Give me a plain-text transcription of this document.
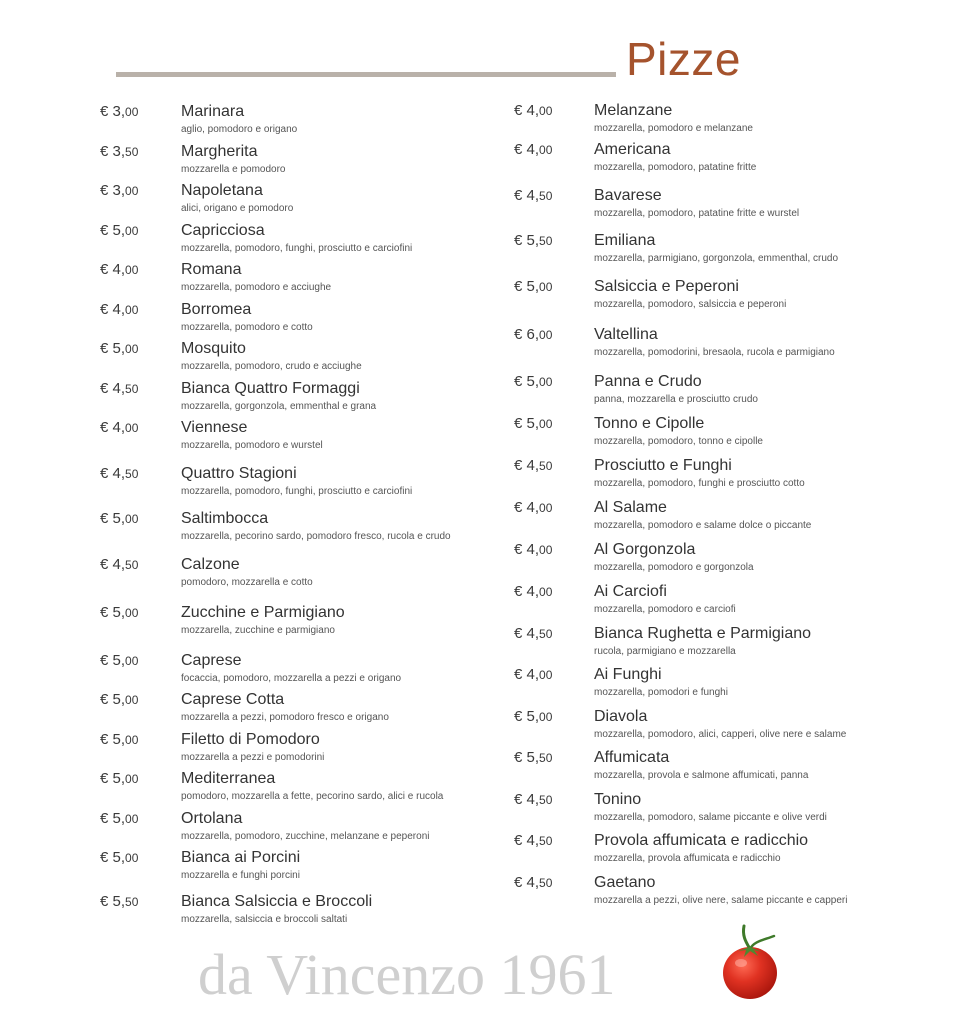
Pizze
€ 3,00	Marinara
aglio, pomodoro e origano
€ 3,50	Margherita
mozzarella e pomodoro
€ 3,00	Napoletana
alici, origano e pomodoro
€ 5,00	Capricciosa
mozzarella, pomodoro, funghi, prosciutto e carciofini
€ 4,00	Romana
mozzarella, pomodoro e acciughe
€ 4,00	Borromea
mozzarella, pomodoro e cotto
€ 5,00	Mosquito
mozzarella, pomodoro, crudo e acciughe
€ 4,50	Bianca Quattro Formaggi
mozzarella, gorgonzola, emmenthal e grana
€ 4,00	Viennese
mozzarella, pomodoro e wurstel
€ 4,50	Quattro Stagioni
mozzarella, pomodoro, funghi, prosciutto e carciofini
€ 5,00	Saltimbocca
mozzarella, pecorino sardo, pomodoro fresco, rucola e crudo
€ 4,50	Calzone
pomodoro, mozzarella e cotto
€ 5,00	Zucchine e Parmigiano
mozzarella, zucchine e parmigiano
€ 5,00	Caprese
focaccia, pomodoro, mozzarella a pezzi e origano
€ 5,00	Caprese Cotta
mozzarella a pezzi, pomodoro fresco e origano
€ 5,00	Filetto di Pomodoro
mozzarella a pezzi e pomodorini
€ 5,00	Mediterranea
pomodoro, mozzarella a fette, pecorino sardo, alici e rucola
€ 5,00	Ortolana
mozzarella, pomodoro, zucchine, melanzane e peperoni
€ 5,00	Bianca ai Porcini
mozzarella e funghi porcini
€ 5,50	Bianca Salsiccia e Broccoli
mozzarella, salsiccia e broccoli saltati
€ 4,00	Melanzane
mozzarella, pomodoro e melanzane
€ 4,00	Americana
mozzarella, pomodoro, patatine fritte
€ 4,50	Bavarese
mozzarella, pomodoro, patatine fritte e wurstel
€ 5,50	Emiliana
mozzarella, parmigiano, gorgonzola, emmenthal, crudo
€ 5,00	Salsiccia e Peperoni
mozzarella, pomodoro, salsiccia e peperoni
€ 6,00	Valtellina
mozzarella, pomodorini, bresaola, rucola e parmigiano
€ 5,00	Panna e Crudo
panna, mozzarella e prosciutto crudo
€ 5,00	Tonno e Cipolle
mozzarella, pomodoro, tonno e cipolle
€ 4,50	Prosciutto e Funghi
mozzarella, pomodoro, funghi e prosciutto cotto
€ 4,00	Al Salame
mozzarella, pomodoro e salame dolce o piccante
€ 4,00	Al Gorgonzola
mozzarella, pomodoro e gorgonzola
€ 4,00	Ai Carciofi
mozzarella, pomodoro e carciofi
€ 4,50	Bianca Rughetta e Parmigiano
rucola, parmigiano e mozzarella
€ 4,00	Ai Funghi
mozzarella, pomodori e funghi
€ 5,00	Diavola
mozzarella, pomodoro, alici, capperi, olive nere e salame
€ 5,50	Affumicata
mozzarella, provola e salmone affumicati, panna
€ 4,50	Tonino
mozzarella, pomodoro, salame piccante e olive verdi
€ 4,50	Provola affumicata e radicchio
mozzarella, provola affumicata e radicchio
€ 4,50	Gaetano
mozzarella a pezzi, olive nere, salame piccante e capperi
da Vincenzo 1961
